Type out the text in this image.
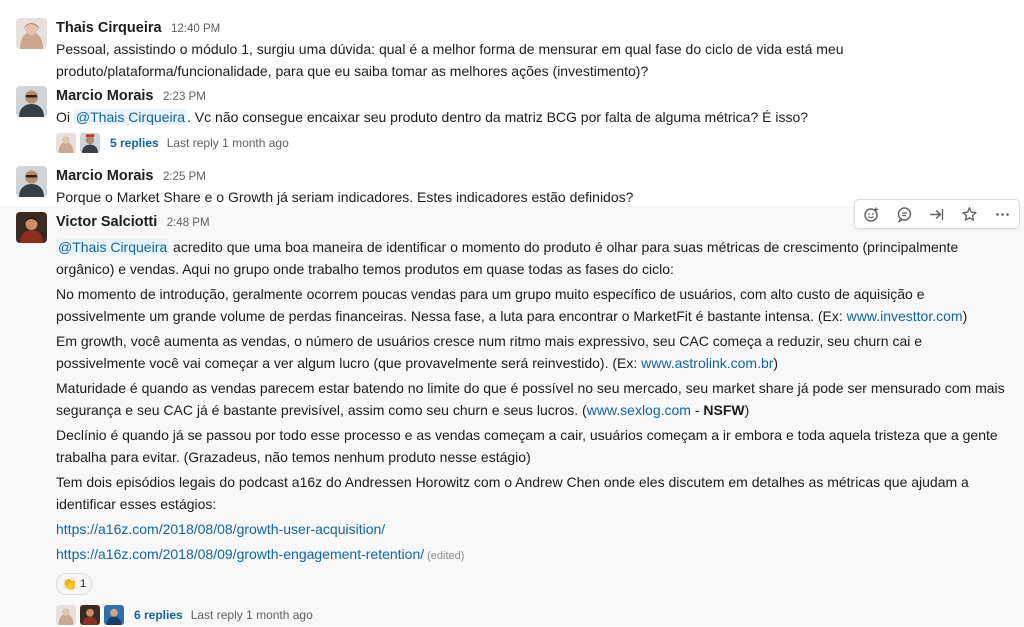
Thais Cirqueira 12:40 PM

Pessoal, assistindo o módulo 1, surgiu uma dúvida: qual é a melhor forma de mensurar em qual fase do ciclo de vida está meu produto/plataforma/funcionalidade, para que eu saiba tomar as melhores ações (investimento)?

Marcio Morais 2:23 PM

Oi @Thais Cirqueira . Vc não consegue encaixar seu produto dentro da matriz BCG por falta de alguma métrica? É isso?

5 replies Last reply 1 month ago
Marcio Morais 2:25 PM

Porque o Market Share e o Growth já seriam indicadores. Estes indicadores estão definidos?

Victor Salciotti 2:48 PM

@Thais Cirqueira acredito que uma boa maneira de identificar o momento do produto é olhar para suas métricas de crescimento (principalmente orgânico) e vendas. Aqui no grupo onde trabalho temos produtos em quase todas as fases do ciclo:

No momento de introdução, geralmente ocorrem poucas vendas para um grupo muito específico de usuários, com alto custo de aquisição e possivelmente um grande volume de perdas financeiras. Nessa fase, a luta para encontrar o MarketFit é bastante intensa. (Ex: www.investtor.com)

Em growth, você aumenta as vendas, o número de usuários cresce num ritmo mais expressivo, seu CAC começa a reduzir, seu churn cai e possivelmente você vai começar a ver algum lucro (que provavelmente será reinvestido). (Ex: www.astrolink.com.br)

Maturidade é quando as vendas parecem estar batendo no limite do que é possível no seu mercado, seu market share já pode ser mensurado com mais segurança e seu CAC já é bastante previsível, assim como seu churn e seus lucros. (www.sexlog.com - NSFW)

Declínio é quando já se passou por todo esse processo e as vendas começam a cair, usuários começam a ir embora e toda aquela tristeza que a gente trabalha para evitar. (Grazadeus, não temos nenhum produto nesse estágio)

Tem dois episódios legais do podcast a16z do Andressen Horowitz com o Andrew Chen onde eles discutem em detalhes as métricas que ajudam a identificar esses estágios:

https://a16z.com/2018/08/08/growth-user-acquisition/

https://a16z.com/2018/08/09/growth-engagement-retention/ (edited)

👏 1
6 replies Last reply 1 month ago
